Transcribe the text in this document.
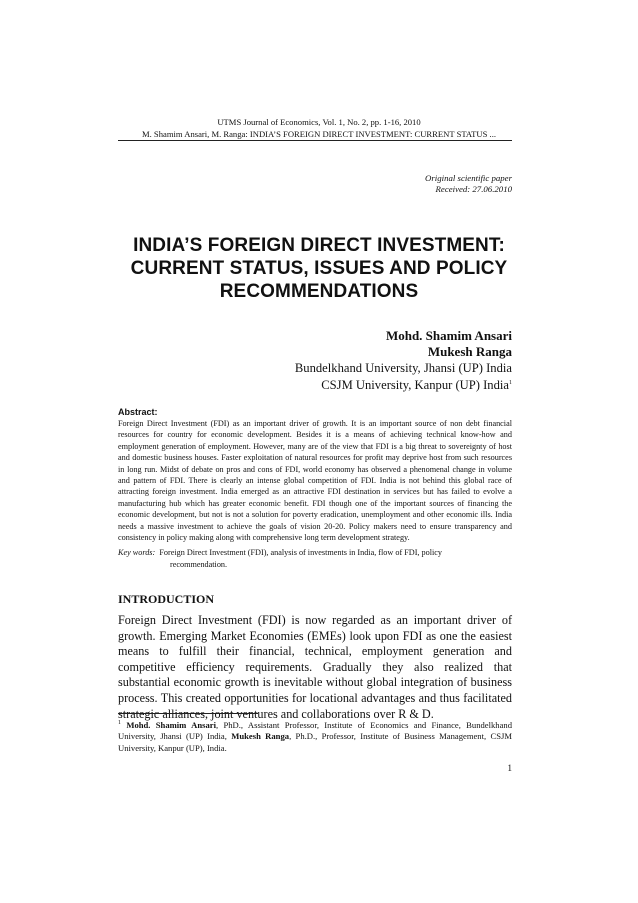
UTMS Journal of Economics, Vol. 1, No. 2, pp. 1-16, 2010
M. Shamim Ansari, M. Ranga: INDIA’S FOREIGN DIRECT INVESTMENT: CURRENT STATUS ...
Original scientific paper
Received: 27.06.2010
INDIA’S FOREIGN DIRECT INVESTMENT:
CURRENT STATUS, ISSUES AND POLICY
RECOMMENDATIONS
Mohd. Shamim Ansari
Mukesh Ranga
Bundelkhand University, Jhansi (UP) India
CSJM University, Kanpur (UP) India$^1$
Abstract:
Foreign Direct Investment (FDI) as an important driver of growth. It is an important source of non debt financial resources for country for economic development. Besides it is a means of achieving technical know-how and employment generation of employment. However, many are of the view that FDI is a big threat to sovereignty of host and domestic business houses. Faster exploitation of natural resources for profit may deprive host from such resources in long run. Midst of debate on pros and cons of FDI, world economy has observed a phenomenal change in volume and pattern of FDI. There is clearly an intense global competition of FDI. India is not behind this global race of attracting foreign investment. India emerged as an attractive FDI destination in services but has failed to evolve a manufacturing hub which has greater economic benefit. FDI though one of the important sources of financing the economic development, but not is not a solution for poverty eradication, unemployment and other economic ills. India needs a massive investment to achieve the goals of vision 20-20. Policy makers need to ensure transparency and consistency in policy making along with comprehensive long term development strategy.
Key words: Foreign Direct Investment (FDI), analysis of investments in India, flow of FDI, policy
recommendation.
INTRODUCTION
Foreign Direct Investment (FDI) is now regarded as an important driver of growth. Emerging Market Economies (EMEs) look upon FDI as one the easiest means to fulfill their financial, technical, employment generation and competitive efficiency requirements. Gradually they also realized that substantial economic growth is inevitable without global integration of business process. This created opportunities for locational advantages and thus facilitated strategic alliances, joint ventures and collaborations over R & D.
$^1$ Mohd. Shamim Ansari, PhD., Assistant Professor, Institute of Economics and Finance, Bundelkhand University, Jhansi (UP) India, Mukesh Ranga, Ph.D., Professor, Institute of Business Management, CSJM University, Kanpur (UP), India.
1
